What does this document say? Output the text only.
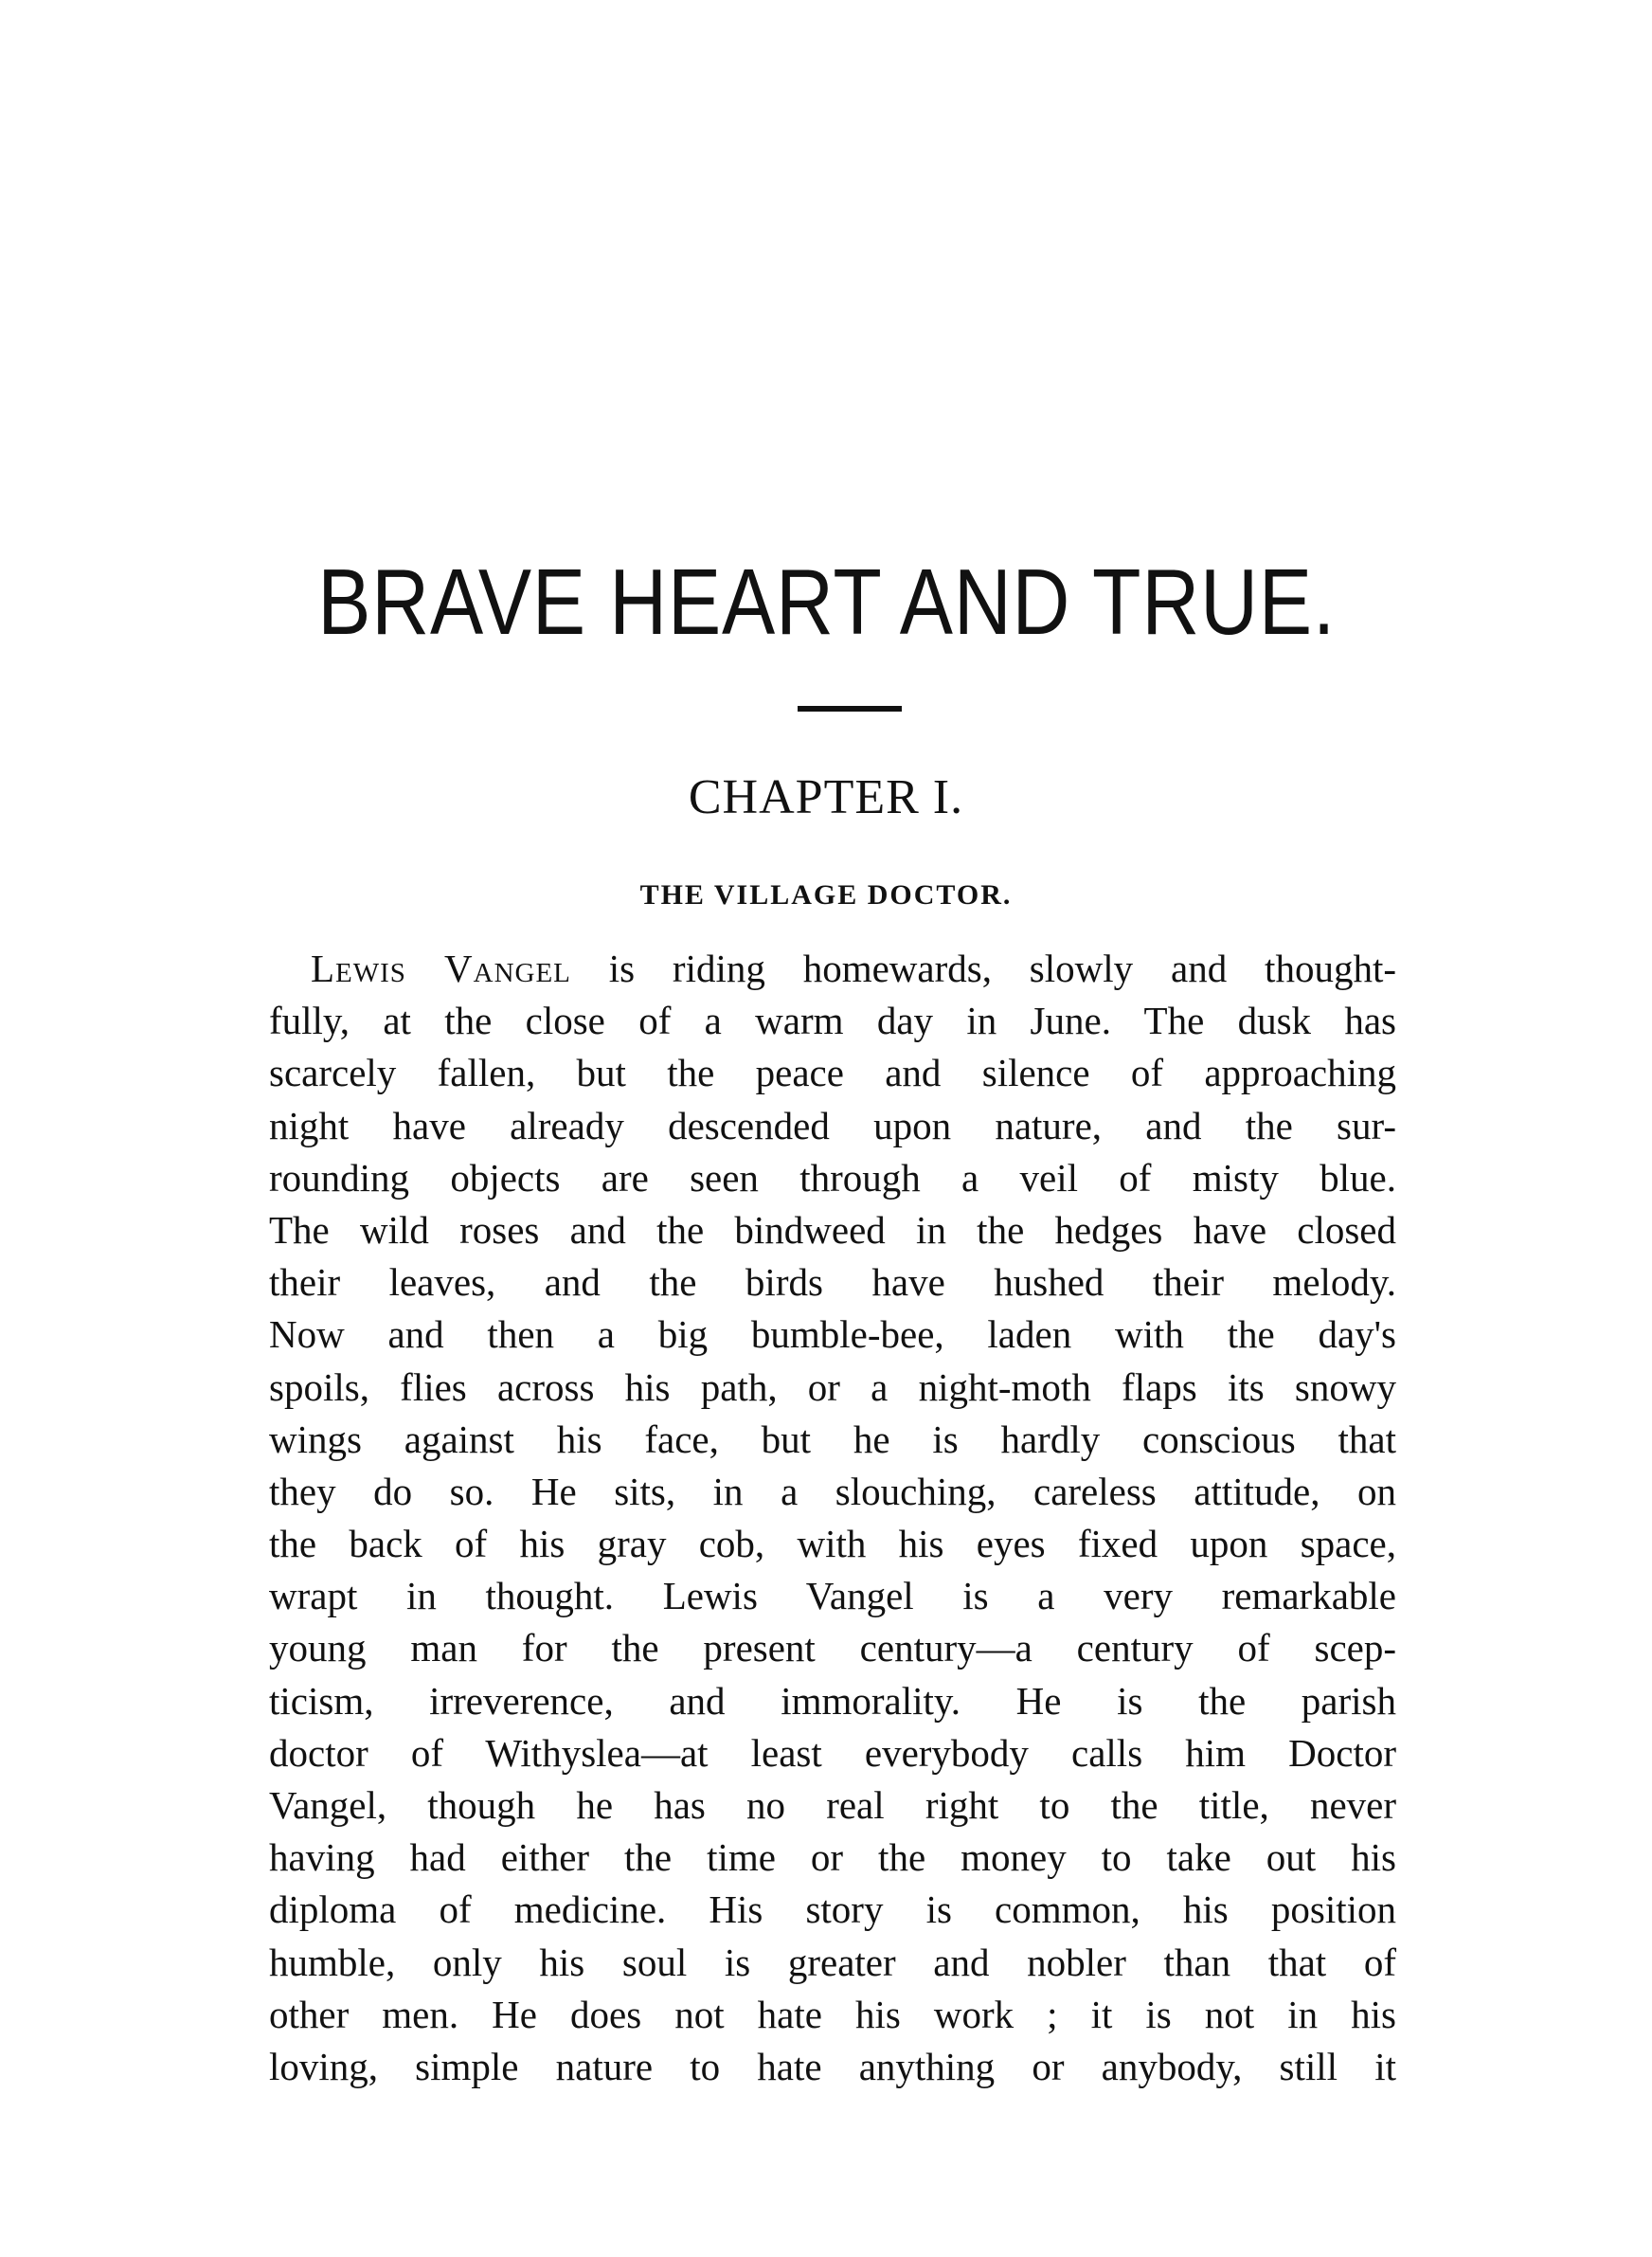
BRAVE HEART AND TRUE.
CHAPTER I.
THE VILLAGE DOCTOR.
Lewis Vangel is riding homewards, slowly and thought-
fully, at the close of a warm day in June. The dusk has
scarcely fallen, but the peace and silence of approaching
night have already descended upon nature, and the sur-
rounding objects are seen through a veil of misty blue.
The wild roses and the bindweed in the hedges have closed
their leaves, and the birds have hushed their melody.
Now and then a big bumble-bee, laden with the day's
spoils, flies across his path, or a night-moth flaps its snowy
wings against his face, but he is hardly conscious that
they do so. He sits, in a slouching, careless attitude, on
the back of his gray cob, with his eyes fixed upon space,
wrapt in thought. Lewis Vangel is a very remarkable
young man for the present century—a century of scep-
ticism, irreverence, and immorality. He is the parish
doctor of Withyslea—at least everybody calls him Doctor
Vangel, though he has no real right to the title, never
having had either the time or the money to take out his
diploma of medicine. His story is common, his position
humble, only his soul is greater and nobler than that of
other men. He does not hate his work ; it is not in his
loving, simple nature to hate anything or anybody, still it
